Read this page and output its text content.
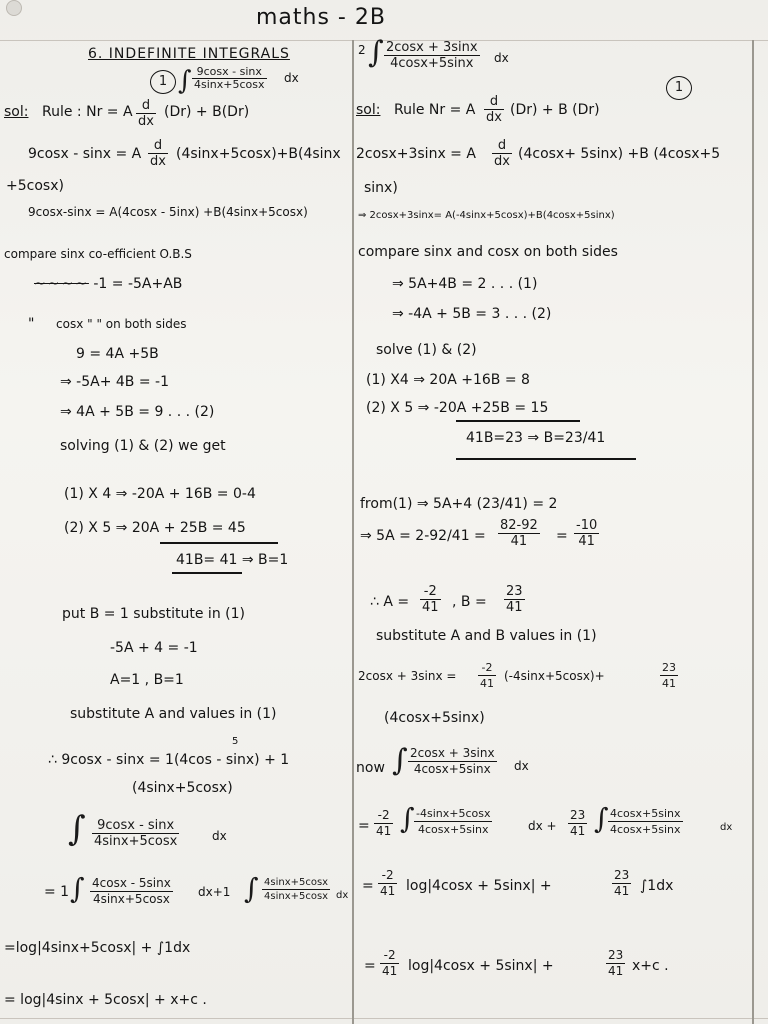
maths - 2B
6. INDEFINITE INTEGRALS
1 ∫ $\frac{9\cos x - \sin x}{4\sin x+5\cos x}$ dx
sol: Rule : Nr = A $\frac{d}{dx} (Dr) + B(Dr)$
9cosx - sinx = A $\frac{d}{dx} (4\sin x+5\cos x)+B(4\sin x$
+5cosx)
9cosx-sinx = A(4cosx - 5inx) +B(4sinx+5cosx)
compare sinx co-efficient O.B.S
~~~~ -1 = -5A+AB
" cosx " " on both sides
9 = 4A +5B
⇒ -5A+ 4B = -1
⇒ 4A + 5B = 9 . . . (2)
solving (1) & (2) we get
(1) X 4 ⇒ -20A + 16B = 0-4
(2) X 5 ⇒ 20A + 25B = 45
41B= 41 ⇒ B=1
put B = 1 substitute in (1)
-5A + 4 = -1
A=1 , B=1
substitute A and values in (1)
5
∴ 9cosx - sinx = 1(4cos - sinx) + 1
(4sinx+5cosx)
∫ $\frac{9\cos x - \sin x}{4\sin x+5\cos x}$	dx
= 1 ∫ $\frac{4\cos x - 5\sin x}{4\sin x+5\cos x} dx+1$ ∫ $\frac{4\sin x+5\cos x}{4\sin x+5\cos x}$ dx
=log|4sinx+5cosx| + ∫1dx
= log|4sinx + 5cosx| + x+c .
2 ∫ $\frac{2\cos x + 3\sin x}{4\cos x+5\sin x}$ dx
1
sol: Rule Nr = A $\frac{d}{dx} (Dr) + B$ (Dr)
2cosx+3sinx = A $\frac{d}{dx} (4\cos x+ 5\sin x) +B$ (4cosx+5
sinx)
⇒ 2cosx+3sinx= A(-4sinx+5cosx)+B(4cosx+5sinx)
compare sinx and cosx on both sides
⇒ 5A+4B = 2 . . . (1)
⇒ -4A + 5B = 3 . . . (2)
solve (1) & (2)
(1) X4 ⇒ 20A +16B = 8
(2) X 5 ⇒ -20A +25B = 15
41B=23 ⇒ B=23/41
from(1) ⇒ 5A+4 (23/41) = 2
⇒ $5A = 2-92/41 = \frac{82-92}{41} = \frac{-10}{41}$
∴ $A = \frac{-2}{41}$ , $B = \frac{23}{41}$
substitute A and B values in (1)
$2\cos x + 3\sin x = \frac{-2}{41} (-4\sin x+5\cos x)+$	$\frac{23}{41}$
(4cosx+5sinx)
now ∫ $\frac{2\cos x + 3\sin x}{4\cos x+5\sin x}$ dx
= $\frac{-2}{41}$ ∫ $\frac{-4\sin x+5\cos x}{4\cos x+5\sin x}$	dx + $\frac{23}{41}$ ∫ $\frac{4\cos x+5\sin x}{4\cos x+5\sin x}$	dx
= $\frac{-2}{41} \log|4\cos x + 5\sin x|$ +	$\frac{23}{41} \int 1dx$
= $\frac{-2}{41} \log|4\cos x + 5\sin x|$ +	$\frac{23}{41} x+c$ .
